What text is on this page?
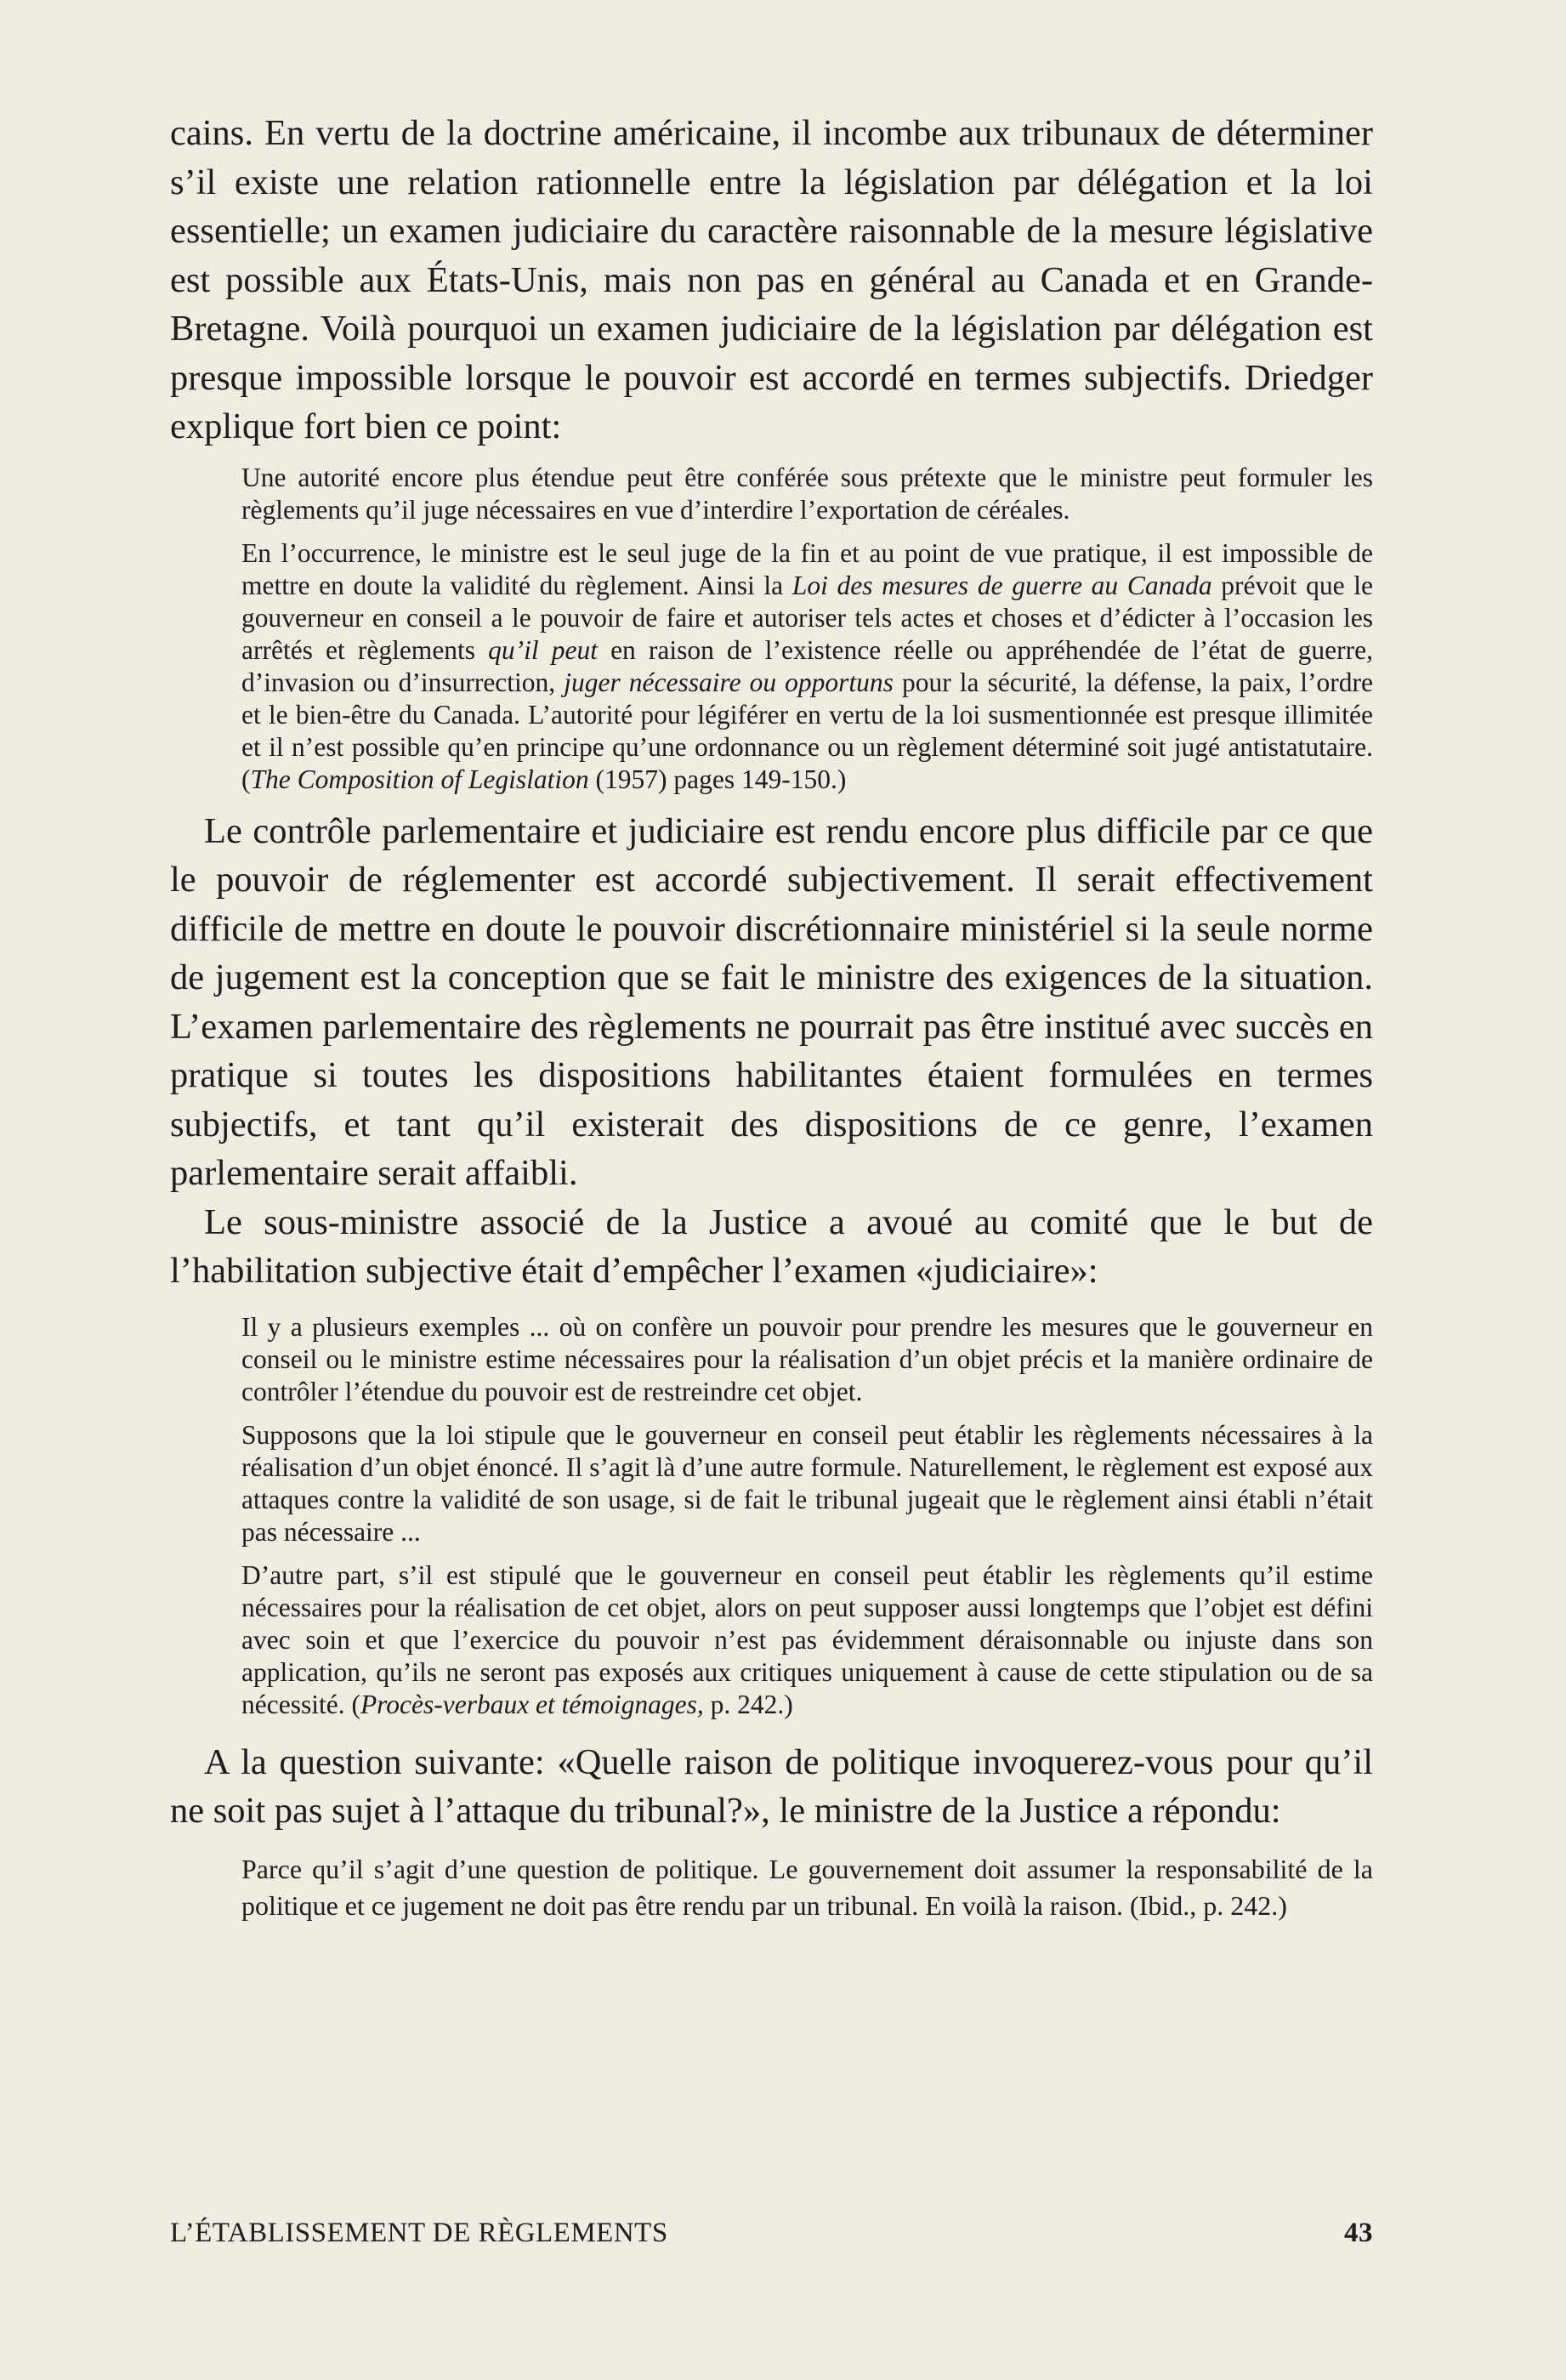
cains. En vertu de la doctrine américaine, il incombe aux tribunaux de déterminer s’il existe une relation rationnelle entre la législation par délégation et la loi essentielle; un examen judiciaire du caractère raisonnable de la mesure législative est possible aux États-Unis, mais non pas en général au Canada et en Grande-Bretagne. Voilà pourquoi un examen judiciaire de la législation par délégation est presque impossible lorsque le pouvoir est accordé en termes subjectifs. Driedger explique fort bien ce point:

Une autorité encore plus étendue peut être conférée sous prétexte que le ministre peut formuler les règlements qu’il juge nécessaires en vue d’interdire l’exportation de céréales.

En l’occurrence, le ministre est le seul juge de la fin et au point de vue pratique, il est impossible de mettre en doute la validité du règlement. Ainsi la Loi des mesures de guerre au Canada prévoit que le gouverneur en conseil a le pouvoir de faire et autoriser tels actes et choses et d’édicter à l’occasion les arrêtés et règlements qu’il peut en raison de l’existence réelle ou appréhendée de l’état de guerre, d’invasion ou d’insurrection, juger nécessaire ou opportuns pour la sécurité, la défense, la paix, l’ordre et le bien-être du Canada. L’autorité pour légiférer en vertu de la loi susmentionnée est presque illimitée et il n’est possible qu’en principe qu’une ordonnance ou un règlement déterminé soit jugé antistatutaire. (The Composition of Legislation (1957) pages 149-150.)

Le contrôle parlementaire et judiciaire est rendu encore plus difficile par ce que le pouvoir de réglementer est accordé subjectivement. Il serait effectivement difficile de mettre en doute le pouvoir discrétionnaire ministériel si la seule norme de jugement est la conception que se fait le ministre des exigences de la situation. L’examen parlementaire des règlements ne pourrait pas être institué avec succès en pratique si toutes les dispositions habilitantes étaient formulées en termes subjectifs, et tant qu’il existerait des dispositions de ce genre, l’examen parlementaire serait affaibli.

Le sous-ministre associé de la Justice a avoué au comité que le but de l’habilitation subjective était d’empêcher l’examen «judiciaire»:

Il y a plusieurs exemples ... où on confère un pouvoir pour prendre les mesures que le gouverneur en conseil ou le ministre estime nécessaires pour la réalisation d’un objet précis et la manière ordinaire de contrôler l’étendue du pouvoir est de restreindre cet objet.

Supposons que la loi stipule que le gouverneur en conseil peut établir les règlements nécessaires à la réalisation d’un objet énoncé. Il s’agit là d’une autre formule. Naturellement, le règlement est exposé aux attaques contre la validité de son usage, si de fait le tribunal jugeait que le règlement ainsi établi n’était pas nécessaire ...

D’autre part, s’il est stipulé que le gouverneur en conseil peut établir les règlements qu’il estime nécessaires pour la réalisation de cet objet, alors on peut supposer aussi longtemps que l’objet est défini avec soin et que l’exercice du pouvoir n’est pas évidemment déraisonnable ou injuste dans son application, qu’ils ne seront pas exposés aux critiques uniquement à cause de cette stipulation ou de sa nécessité. (Procès-verbaux et témoignages, p. 242.)

A la question suivante: «Quelle raison de politique invoquerez-vous pour qu’il ne soit pas sujet à l’attaque du tribunal?», le ministre de la Justice a répondu:

Parce qu’il s’agit d’une question de politique. Le gouvernement doit assumer la responsabilité de la politique et ce jugement ne doit pas être rendu par un tribunal. En voilà la raison. (Ibid., p. 242.)

L’ÉTABLISSEMENT DE RÈGLEMENTS	43
